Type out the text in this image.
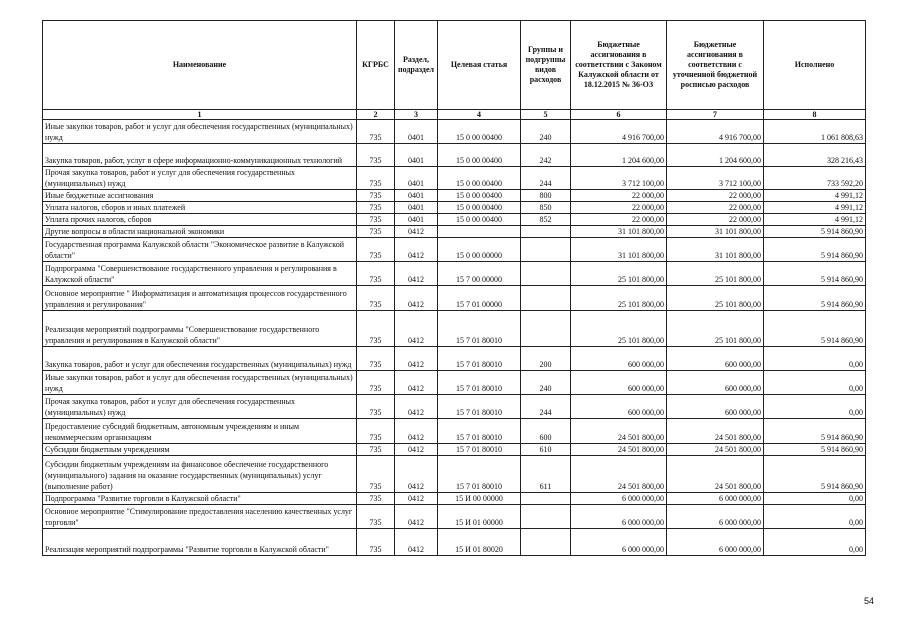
Наименование	КГРБС	Раздел, подраздел	Целевая статья	Группы и подгруппы видов расходов	Бюджетные ассигнования в соответствии с Законом Калужской области от 18.12.2015 № 36-ОЗ	Бюджетные ассигнования в соответствии с уточненной бюджетной росписью расходов	Исполнено
1	2	3	4	5	6	7	8
Иные закупки товаров, работ и услуг для обеспечения государственных (муниципальных) нужд	735	0401	15 0 00 00400	240	4 916 700,00	4 916 700,00	1 061 808,63
Закупка товаров, работ, услуг в сфере информационно-коммуникационных технологий	735	0401	15 0 00 00400	242	1 204 600,00	1 204 600,00	328 216,43
Прочая закупка товаров, работ и услуг для обеспечения государственных (муниципальных) нужд	735	0401	15 0 00 00400	244	3 712 100,00	3 712 100,00	733 592,20
Иные бюджетные ассигнования	735	0401	15 0 00 00400	800	22 000,00	22 000,00	4 991,12
Уплата налогов, сборов и иных платежей	735	0401	15 0 00 00400	850	22 000,00	22 000,00	4 991,12
Уплата прочих налогов, сборов	735	0401	15 0 00 00400	852	22 000,00	22 000,00	4 991,12
Другие вопросы в области национальной экономики	735	0412			31 101 800,00	31 101 800,00	5 914 860,90
Государственная программа Калужской области "Экономическое развитие в Калужской области"	735	0412	15 0 00 00000		31 101 800,00	31 101 800,00	5 914 860,90
Подпрограмма "Совершенствование государственного управления и регулирования в Калужской области"	735	0412	15 7 00 00000		25 101 800,00	25 101 800,00	5 914 860,90
Основное мероприятие " Информатизация и автоматизация процессов государственного управления и регулирования"	735	0412	15 7 01 00000		25 101 800,00	25 101 800,00	5 914 860,90
Реализация мероприятий подпрограммы "Совершенствование государственного управления и регулирования в Калужской области"	735	0412	15 7 01 80010		25 101 800,00	25 101 800,00	5 914 860,90
Закупка товаров, работ и услуг для обеспечения государственных (муниципальных) нужд	735	0412	15 7 01 80010	200	600 000,00	600 000,00	0,00
Иные закупки товаров, работ и услуг для обеспечения государственных (муниципальных) нужд	735	0412	15 7 01 80010	240	600 000,00	600 000,00	0,00
Прочая закупка товаров, работ и услуг для обеспечения государственных (муниципальных) нужд	735	0412	15 7 01 80010	244	600 000,00	600 000,00	0,00
Предоставление субсидий бюджетным, автономным учреждениям и иным некоммерческим организациям	735	0412	15 7 01 80010	600	24 501 800,00	24 501 800,00	5 914 860,90
Субсидии бюджетным учреждениям	735	0412	15 7 01 80010	610	24 501 800,00	24 501 800,00	5 914 860,90
Субсидии бюджетным учреждениям на финансовое обеспечение государственного (муниципального) задания на оказание государственных (муниципальных) услуг (выполнение работ)	735	0412	15 7 01 80010	611	24 501 800,00	24 501 800,00	5 914 860,90
Подпрограмма "Развитие торговли в Калужской области"	735	0412	15 И 00 00000		6 000 000,00	6 000 000,00	0,00
Основное мероприятие "Стимулирование предоставления населению качественных услуг торговли"	735	0412	15 И 01 00000		6 000 000,00	6 000 000,00	0,00
Реализация мероприятий подпрограммы "Развитие торговли в Калужской области"	735	0412	15 И 01 80020		6 000 000,00	6 000 000,00	0,00
54
